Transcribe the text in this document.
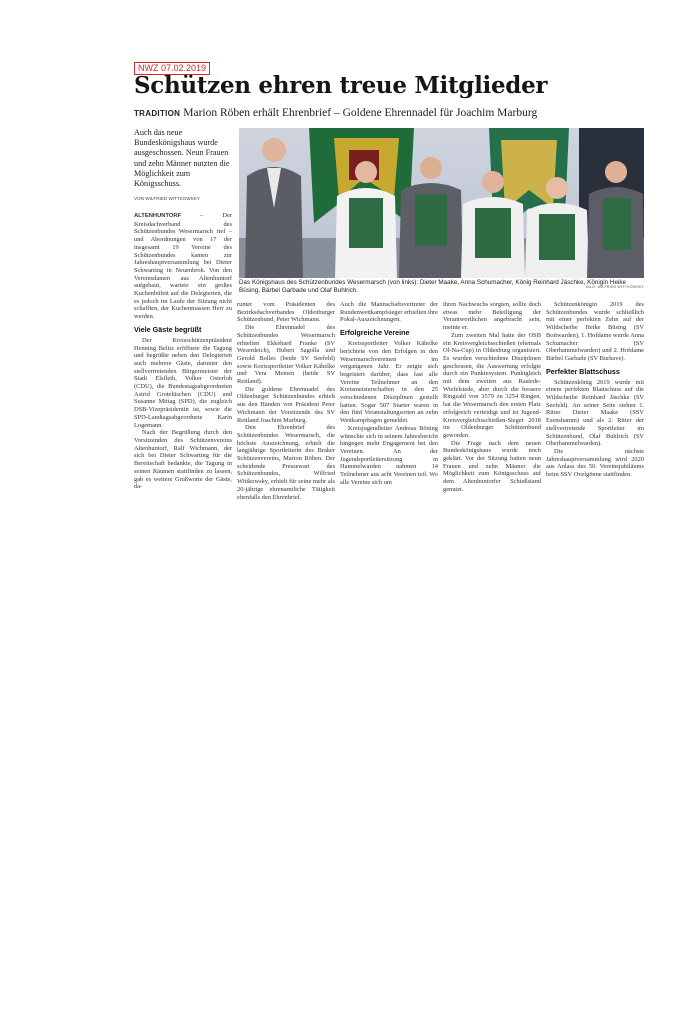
NWZ 07.02.2019
Schützen ehren treue Mitglieder
TRADITION Marion Röben erhält Ehrenbrief – Goldene Ehrennadel für Joachim Marburg
Auch das neue Bundeskönigshaus wurde ausgeschossen. Neun Frauen und zehn Männer nutzten die Möglichkeit zum Königsschuss.
VON WILFRIED WITTKOWSKY
Das Königshaus des Schützenbundes Wesermarsch (von links): Dieter Maake, Anna Schumacher, König Reinhard Jäschke, Königin Heike Büsing, Bärbel Garbade und Olaf Buhlrich.	BILD: WILFRIED WITTKOWSKY

ALTENHUNTORF – Der Kreisdachverband des Schützenbundes Wesermarsch rief – und Abordnungen von 17 der insgesamt 19 Vereine des Schützenbundes kamen zur Jahreshauptversammlung bei Dieter Schwarting in Neuenbrok. Von den Vereinsdamen aus Altenhuntorf aufgebaut, wartete ein großes Kuchenbüfett auf die Delegierten, die es jedoch im Laufe der Sitzung nicht schafften, der Kuchenmassen Herr zu werden.

Viele Gäste begrüßt

Der Kreisschützenpräsident Henning Belitz eröffnete die Tagung und begrüßte neben den Delegierten auch mehrere Gäste, darunter den stellvertretenden Bürgermeister der Stadt Elsfleth, Volker Osterloh (CDU), die Bundestagsabgeordneten Astrid Grotelüschen (CDU) und Susanne Mittag (SPD), die zugleich DSB-Vizepräsidentin ist, sowie die SPD-Landtagsabgeordnete Karin Logemann.

Nach der Begrüßung durch den Vorsitzenden des Schützenvereins Altenhuntorf, Ralf Wichmann, der sich bei Dieter Schwarting für die Bereitschaft bedankte, die Tagung in seinen Räumen stattfinden zu lassen, gab es weitere Grußworte der Gäste, da-

runter vom Präsidenten des Bezirksdachverbandes Oldenburger Schützenbund, Peter Wichmann.

Die Ehrennadel des Schützenbundes Wesermarsch erhielten Ekkehard Franke (SV Weserdeich), Hubert Sagolla und Gerold Bolles (beide SV Seefeld) sowie Kreissportleiter Volker Kähelke und Vera Meinen (beide SV Reitland).

Die goldene Ehrennadel des Oldenburger Schützenbundes erhielt aus den Händen von Präsident Peter Wichmann der Vorsitzende des SV Reitland Joachim Marburg.

Den Ehrenbrief des Schützenbundes Wesermarsch, die höchste Auszeichnung, erhielt die langjährige Sportleiterin des Braker Schützenvereins, Marion Röben. Der scheidende Pressewart des Schützenbundes, Wilfried Wittkowsky, erhielt für seine mehr als 20-jährige ehrenamtliche Tätigkeit ebenfalls den Ehrenbrief.

Auch die Mannschaftsvertreter der Rundenwettkampfsieger erhielten ihre Pokal-Auszeichnungen.

Erfolgreiche Vereine

Kreissportleiter Volker Kähelke berichtete von den Erfolgen in den Wesermarschvereinen im vergangenen Jahr. Er zeigte sich begeistert darüber, dass fast alle Vereine Teilnehmer an den Kreismeisterschaften in den 25 verschiedenen Disziplinen gestellt hatten. Sogar 507 Starter waren in den fünf Veranstaltungsorten an zehn Wettkampftagen gemeldet.

Kreisjugendleiter Andreas Böning wünschte sich in seinem Jahresbericht hingegen mehr Engagement bei den Vereinen. An der Jugendsportleitersitzung in Hammelwarden nahmen 14 Teilnehmer aus acht Vereinen teil. Wo alle Vereine sich um

ihren Nachwuchs sorgten, sollte doch etwas mehr Beteiligung der Verantwortlichen angebracht sein, meinte er.

Zum zweiten Mal hatte der OSB ein Kreisvergleichsschießen (ehemals Ol-Na-Cup) in Oldenburg organisiert. Es wurden verschiedene Disziplinen geschossen, die Auswertung erfolgte durch ein Punktesystem. Punktgleich mit dem zweiten aus Rastede-Wiefelstede, aber durch die bessere Ringzahl von 3579 zu 3254 Ringen, hat die Wesermarsch den ersten Platz erfolgreich verteidigt und ist Jugend-Kreisvergleichsschießen-Sieger 2018 im Oldenburger Schützenbund geworden.

Die Frage nach dem neuen Bundeskönigshaus wurde noch geklärt. Vor der Sitzung hatten neun Frauen und zehn Männer die Möglichkeit zum Königsschuss auf dem Altenhuntorfer Schießstand genutzt.

Schützenkönigin 2019 des Schützenbundes wurde schließlich mit einer perfekten Zehn auf der Wildscheibe Heike Büsing (SV Boitwarden), 1. Hofdame wurde Anna Schumacher (SV Oberhammelwarden) und 2. Hofdame Bärbel Garbade (SV Burhave).

Perfekter Blattschuss

Schützenkönig 2019 wurde mit einem perfekten Blattschuss auf die Wildscheibe Reinhard Jäschke (SV Seefeld). An seiner Seite stehen 1. Ritter Dieter Maake (SSV Esenshamm) und als 2. Ritter der stellvertretende Sportleiter im Schützenbund, Olaf Buhlrich (SV Oberhammelwarden).

Die nächste Jahreshauptversammlung wird 2020 aus Anlass des 50. Vereinsjubiläums beim SSV Ovelgönne stattfinden.
